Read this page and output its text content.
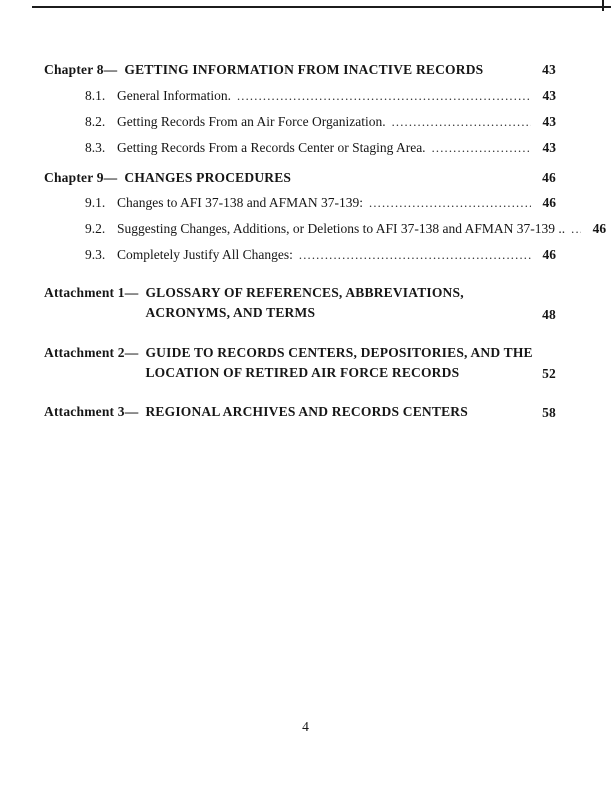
Chapter 8— GETTING INFORMATION FROM INACTIVE RECORDS	43
8.1. General Information. .....	43
8.2. Getting Records From an Air Force Organization. .....	43
8.3. Getting Records From a Records Center or Staging Area. .....	43
Chapter 9— CHANGES PROCEDURES	46
9.1. Changes to AFI 37-138 and AFMAN 37-139: .....	46
9.2. Suggesting Changes, Additions, or Deletions to AFI 37-138 and AFMAN 37-139 .. .....	46
9.3. Completely Justify All Changes: .....	46
Attachment 1— GLOSSARY OF REFERENCES, ABBREVIATIONS, ACRONYMS, AND TERMS	48
Attachment 2— GUIDE TO RECORDS CENTERS, DEPOSITORIES, AND THE LOCATION OF RETIRED AIR FORCE RECORDS	52
Attachment 3— REGIONAL ARCHIVES AND RECORDS CENTERS	58
4
